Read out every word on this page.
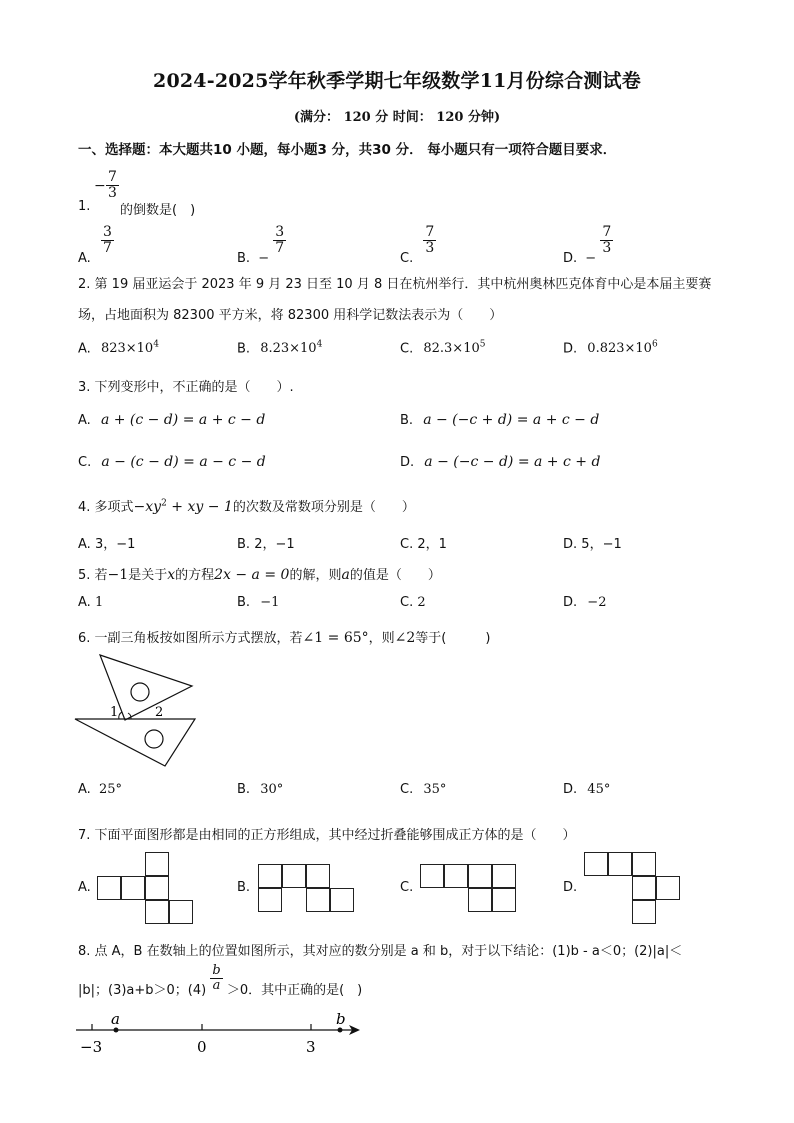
2024-2025学年秋季学期七年级数学11月份综合测试卷
(满分： 120 分 时间： 120 分钟)
一、选择题：本大题共10 小题，每小题3 分，共30 分． 每小题只有一项符合题目要求．
1.
− $\frac{7}{3}$
的倒数是(　)
A.
$\frac{3}{7}$
B. −
$\frac{3}{7}$
C.
$\frac{7}{3}$
D. −
$\frac{7}{3}$
2. 第 19 届亚运会于 2023 年 9 月 23 日至 10 月 8 日在杭州举行．其中杭州奥林匹克体育中心是本届主要赛
场，占地面积为 82300 平方米，将 82300 用科学记数法表示为（　　）
A. $823\times 10^4$	B. $8.23\times 10^4$	C. $82.3\times 10^5$	D. $0.823\times 10^6$
3. 下列变形中，不正确的是（　　）.
A. a + (c − d) = a + c − d	B. a − (−c + d) = a + c − d
C. a − (c − d) = a − c − d	D. a − (−c − d) = a + c + d
4. 多项式$-xy^2$ + xy − 1的次数及常数项分别是（　　）
A. 3，−1	B. 2，−1	C. 2，1	D. 5，−1
5. 若−1是关于x的方程2x − a = 0的解，则a的值是（　　）
A. 1	B. −1	C. 2	D. −2
6. 一副三角板按如图所示方式摆放，若∠1 = 65°，则∠2等于(　　　)
1	2
A. 25°	B. 30°	C. 35°	D. 45°
7. 下面平面图形都是由相同的正方形组成，其中经过折叠能够围成正方体的是（　　）
A.	B.	C.	D.
8. 点 A，B 在数轴上的位置如图所示，其对应的数分别是 a 和 b，对于以下结论：(1)b - a＜0；(2)|a|＜
|b|；(3)a+b＞0；$(4) \frac{b}{a} >0$．其中正确的是(　)
a	b
−3	0	3
